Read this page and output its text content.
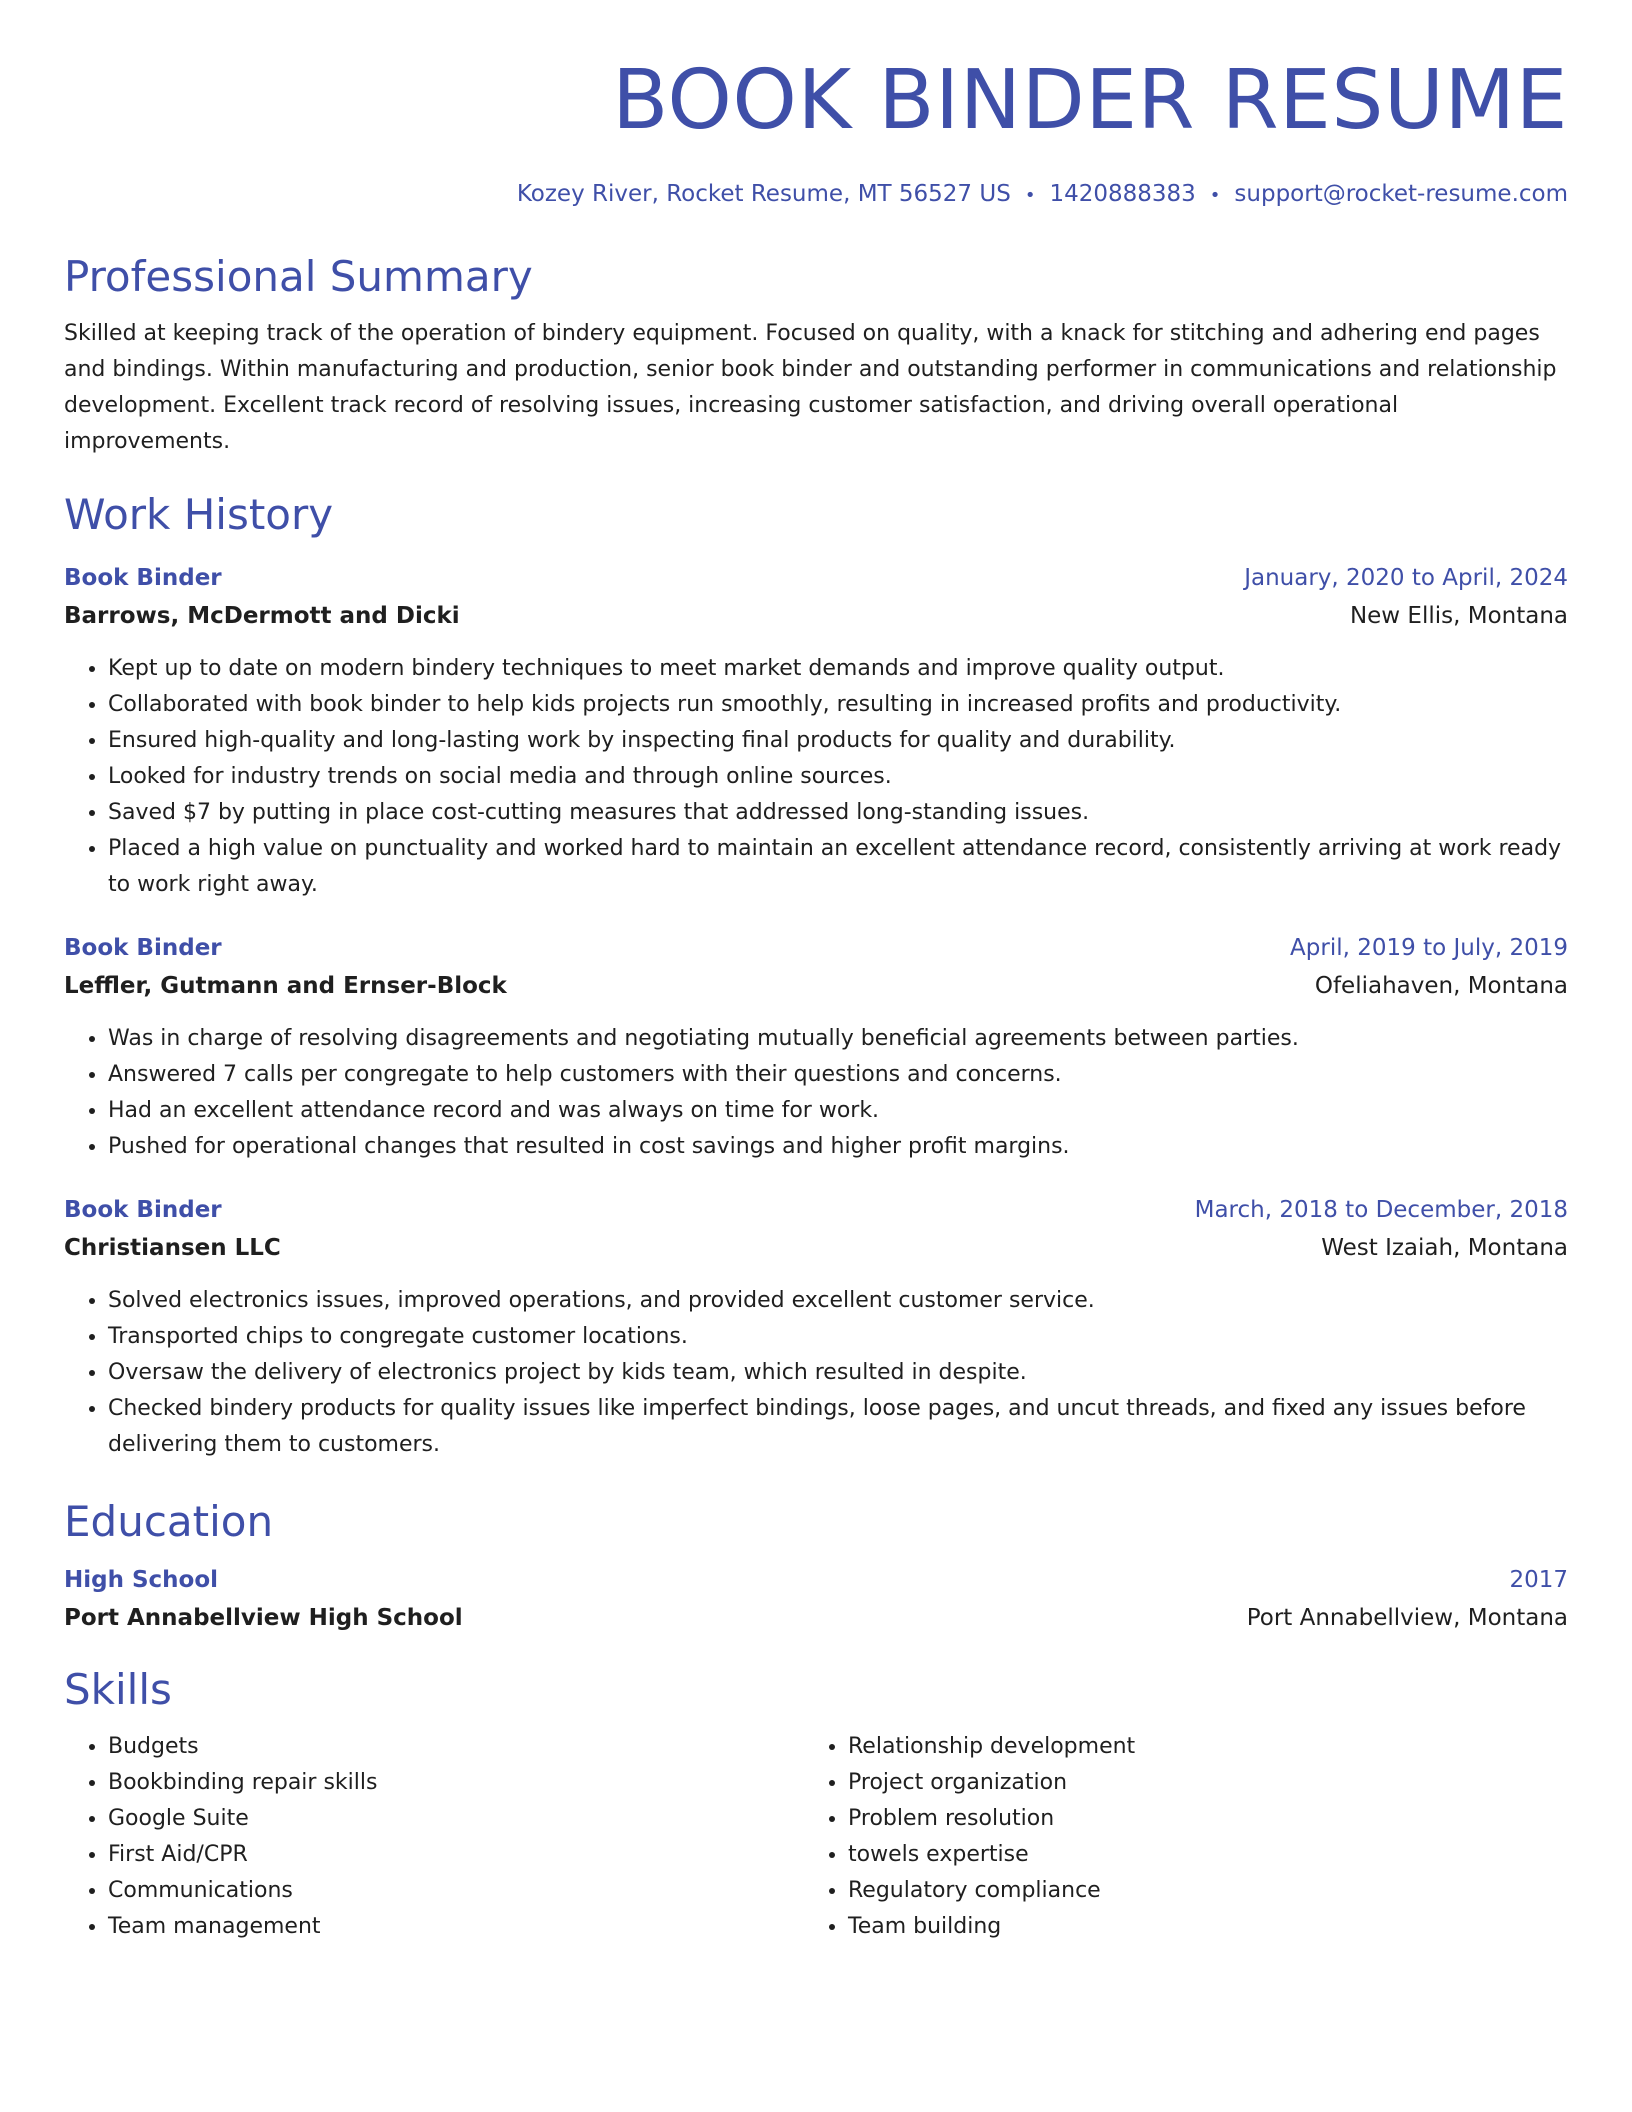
BOOK BINDER RESUME
Kozey River, Rocket Resume, MT 56527 US • 1420888383 • support@rocket-resume.com
Professional Summary

Skilled at keeping track of the operation of bindery equipment. Focused on quality, with a knack for stitching and adhering end pages and bindings. Within manufacturing and production, senior book binder and outstanding performer in communications and relationship development. Excellent track record of resolving issues, increasing customer satisfaction, and driving overall operational improvements.

Work History
Book Binder	January, 2020 to April, 2024
Barrows, McDermott and Dicki	New Ellis, Montana
• Kept up to date on modern bindery techniques to meet market demands and improve quality output.
• Collaborated with book binder to help kids projects run smoothly, resulting in increased profits and productivity.
• Ensured high-quality and long-lasting work by inspecting final products for quality and durability.
• Looked for industry trends on social media and through online sources.
• Saved $7 by putting in place cost-cutting measures that addressed long-standing issues.
• Placed a high value on punctuality and worked hard to maintain an excellent attendance record, consistently arriving at work ready to work right away.
Book Binder	April, 2019 to July, 2019
Leffler, Gutmann and Ernser-Block	Ofeliahaven, Montana
• Was in charge of resolving disagreements and negotiating mutually beneficial agreements between parties.
• Answered 7 calls per congregate to help customers with their questions and concerns.
• Had an excellent attendance record and was always on time for work.
• Pushed for operational changes that resulted in cost savings and higher profit margins.
Book Binder	March, 2018 to December, 2018
Christiansen LLC	West Izaiah, Montana
• Solved electronics issues, improved operations, and provided excellent customer service.
• Transported chips to congregate customer locations.
• Oversaw the delivery of electronics project by kids team, which resulted in despite.
• Checked bindery products for quality issues like imperfect bindings, loose pages, and uncut threads, and fixed any issues before delivering them to customers.
Education
High School	2017
Port Annabellview High School	Port Annabellview, Montana
Skills
• Budgets
• Bookbinding repair skills
• Google Suite
• First Aid/CPR
• Communications
• Team management
• Relationship development
• Project organization
• Problem resolution
• towels expertise
• Regulatory compliance
• Team building
